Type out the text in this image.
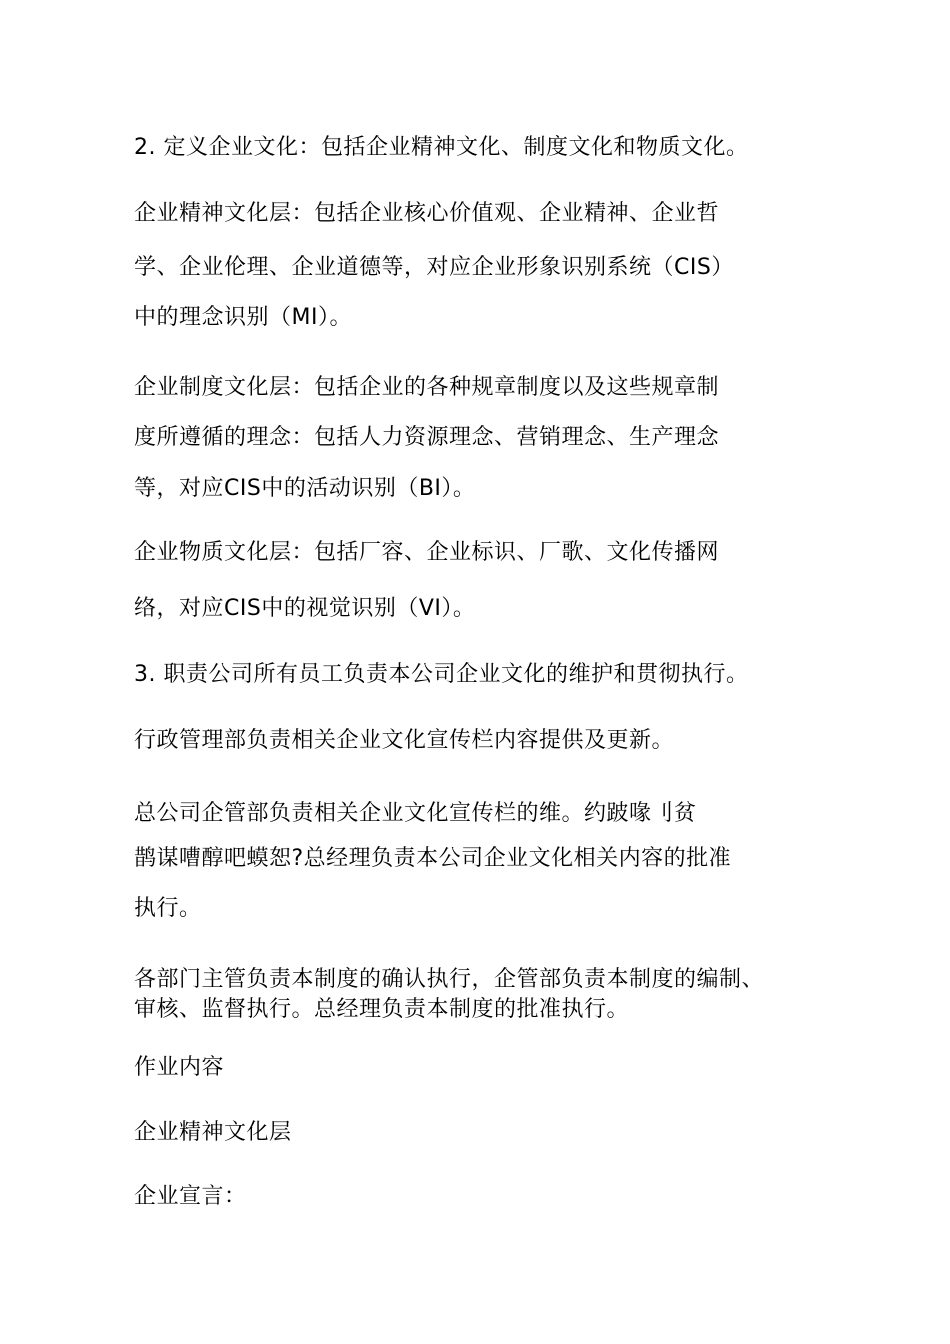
2. 定义企业文化：包括企业精神文化、制度文化和物质文化。
企业精神文化层：包括企业核心价值观、企业精神、企业哲
学、企业伦理、企业道德等，对应企业形象识别系统（CIS）
中的理念识别（MI）。
企业制度文化层：包括企业的各种规章制度以及这些规章制
度所遵循的理念：包括人力资源理念、营销理念、生产理念
等，对应CIS中的活动识别（BI）。
企业物质文化层：包括厂容、企业标识、厂歌、文化传播网
络，对应CIS中的视觉识别（VI）。
3. 职责公司所有员工负责本公司企业文化的维护和贯彻执行。
行政管理部负责相关企业文化宣传栏内容提供及更新。
总公司企管部负责相关企业文化宣传栏的维。约跛喙刂贫
鹊谋嘈醇吧蟆恕?总经理负责本公司企业文化相关内容的批准
执行。
各部门主管负责本制度的确认执行，企管部负责本制度的编制、
审核、监督执行。总经理负责本制度的批准执行。
作业内容
企业精神文化层
企业宣言：
